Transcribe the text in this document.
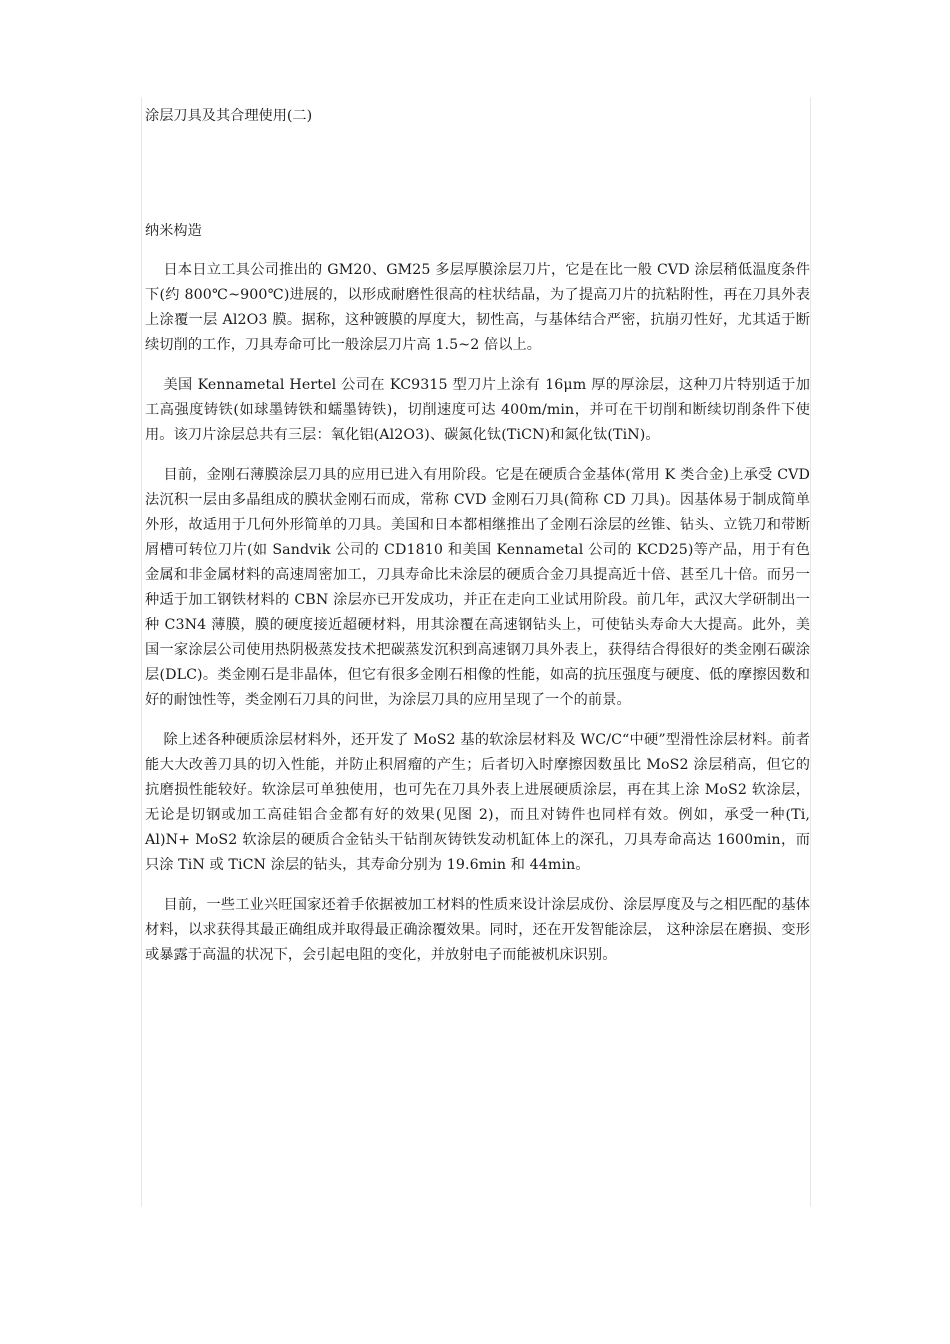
涂层刀具及其合理使用(二)
纳米构造

日本日立工具公司推出的 GM20、GM25 多层厚膜涂层刀片，它是在比一般 CVD 涂层稍低温度条件下(约 800℃~900℃)进展的，以形成耐磨性很高的柱状结晶，为了提高刀片的抗粘附性，再在刀具外表上涂覆一层 Al2O3 膜。据称，这种镀膜的厚度大，韧性高，与基体结合严密，抗崩刃性好，尤其适于断续切削的工作，刀具寿命可比一般涂层刀片高 1.5~2 倍以上。

美国 Kennametal Hertel 公司在 KC9315 型刀片上涂有 16μm 厚的厚涂层，这种刀片特别适于加工高强度铸铁(如球墨铸铁和蠕墨铸铁)，切削速度可达 400m/min，并可在干切削和断续切削条件下使用。该刀片涂层总共有三层：氧化铝(Al2O3)、碳氮化钛(TiCN)和氮化钛(TiN)。

目前，金刚石薄膜涂层刀具的应用已进入有用阶段。它是在硬质合金基体(常用 K 类合金)上承受 CVD 法沉积一层由多晶组成的膜状金刚石而成，常称 CVD 金刚石刀具(简称 CD 刀具)。因基体易于制成简单外形，故适用于几何外形简单的刀具。美国和日本都相继推出了金刚石涂层的丝锥、钻头、立铣刀和带断屑槽可转位刀片(如 Sandvik 公司的 CD1810 和美国 Kennametal 公司的 KCD25)等产品，用于有色金属和非金属材料的高速周密加工，刀具寿命比未涂层的硬质合金刀具提高近十倍、甚至几十倍。而另一种适于加工钢铁材料的 CBN 涂层亦已开发成功，并正在走向工业试用阶段。前几年，武汉大学研制出一种 C3N4 薄膜，膜的硬度接近超硬材料，用其涂覆在高速钢钻头上，可使钻头寿命大大提高。此外，美国一家涂层公司使用热阴极蒸发技术把碳蒸发沉积到高速钢刀具外表上，获得结合得很好的类金刚石碳涂层(DLC)。类金刚石是非晶体，但它有很多金刚石相像的性能，如高的抗压强度与硬度、低的摩擦因数和好的耐蚀性等，类金刚石刀具的问世，为涂层刀具的应用呈现了一个的前景。

除上述各种硬质涂层材料外，还开发了 MoS2 基的软涂层材料及 WC/C“中硬”型滑性涂层材料。前者能大大改善刀具的切入性能，并防止积屑瘤的产生；后者切入时摩擦因数虽比 MoS2 涂层稍高，但它的抗磨损性能较好。软涂层可单独使用，也可先在刀具外表上进展硬质涂层，再在其上涂 MoS2 软涂层，无论是切钢或加工高硅铝合金都有好的效果(见图 2)，而且对铸件也同样有效。例如，承受一种(Ti, Al)N+ MoS2 软涂层的硬质合金钻头干钻削灰铸铁发动机缸体上的深孔，刀具寿命高达 1600min，而只涂 TiN 或 TiCN 涂层的钻头，其寿命分别为 19.6min 和 44min。

目前，一些工业兴旺国家还着手依据被加工材料的性质来设计涂层成份、涂层厚度及与之相匹配的基体材料，以求获得其最正确组成并取得最正确涂覆效果。同时，还在开发智能涂层， 这种涂层在磨损、变形或暴露于高温的状况下，会引起电阻的变化，并放射电子而能被机床识别。
